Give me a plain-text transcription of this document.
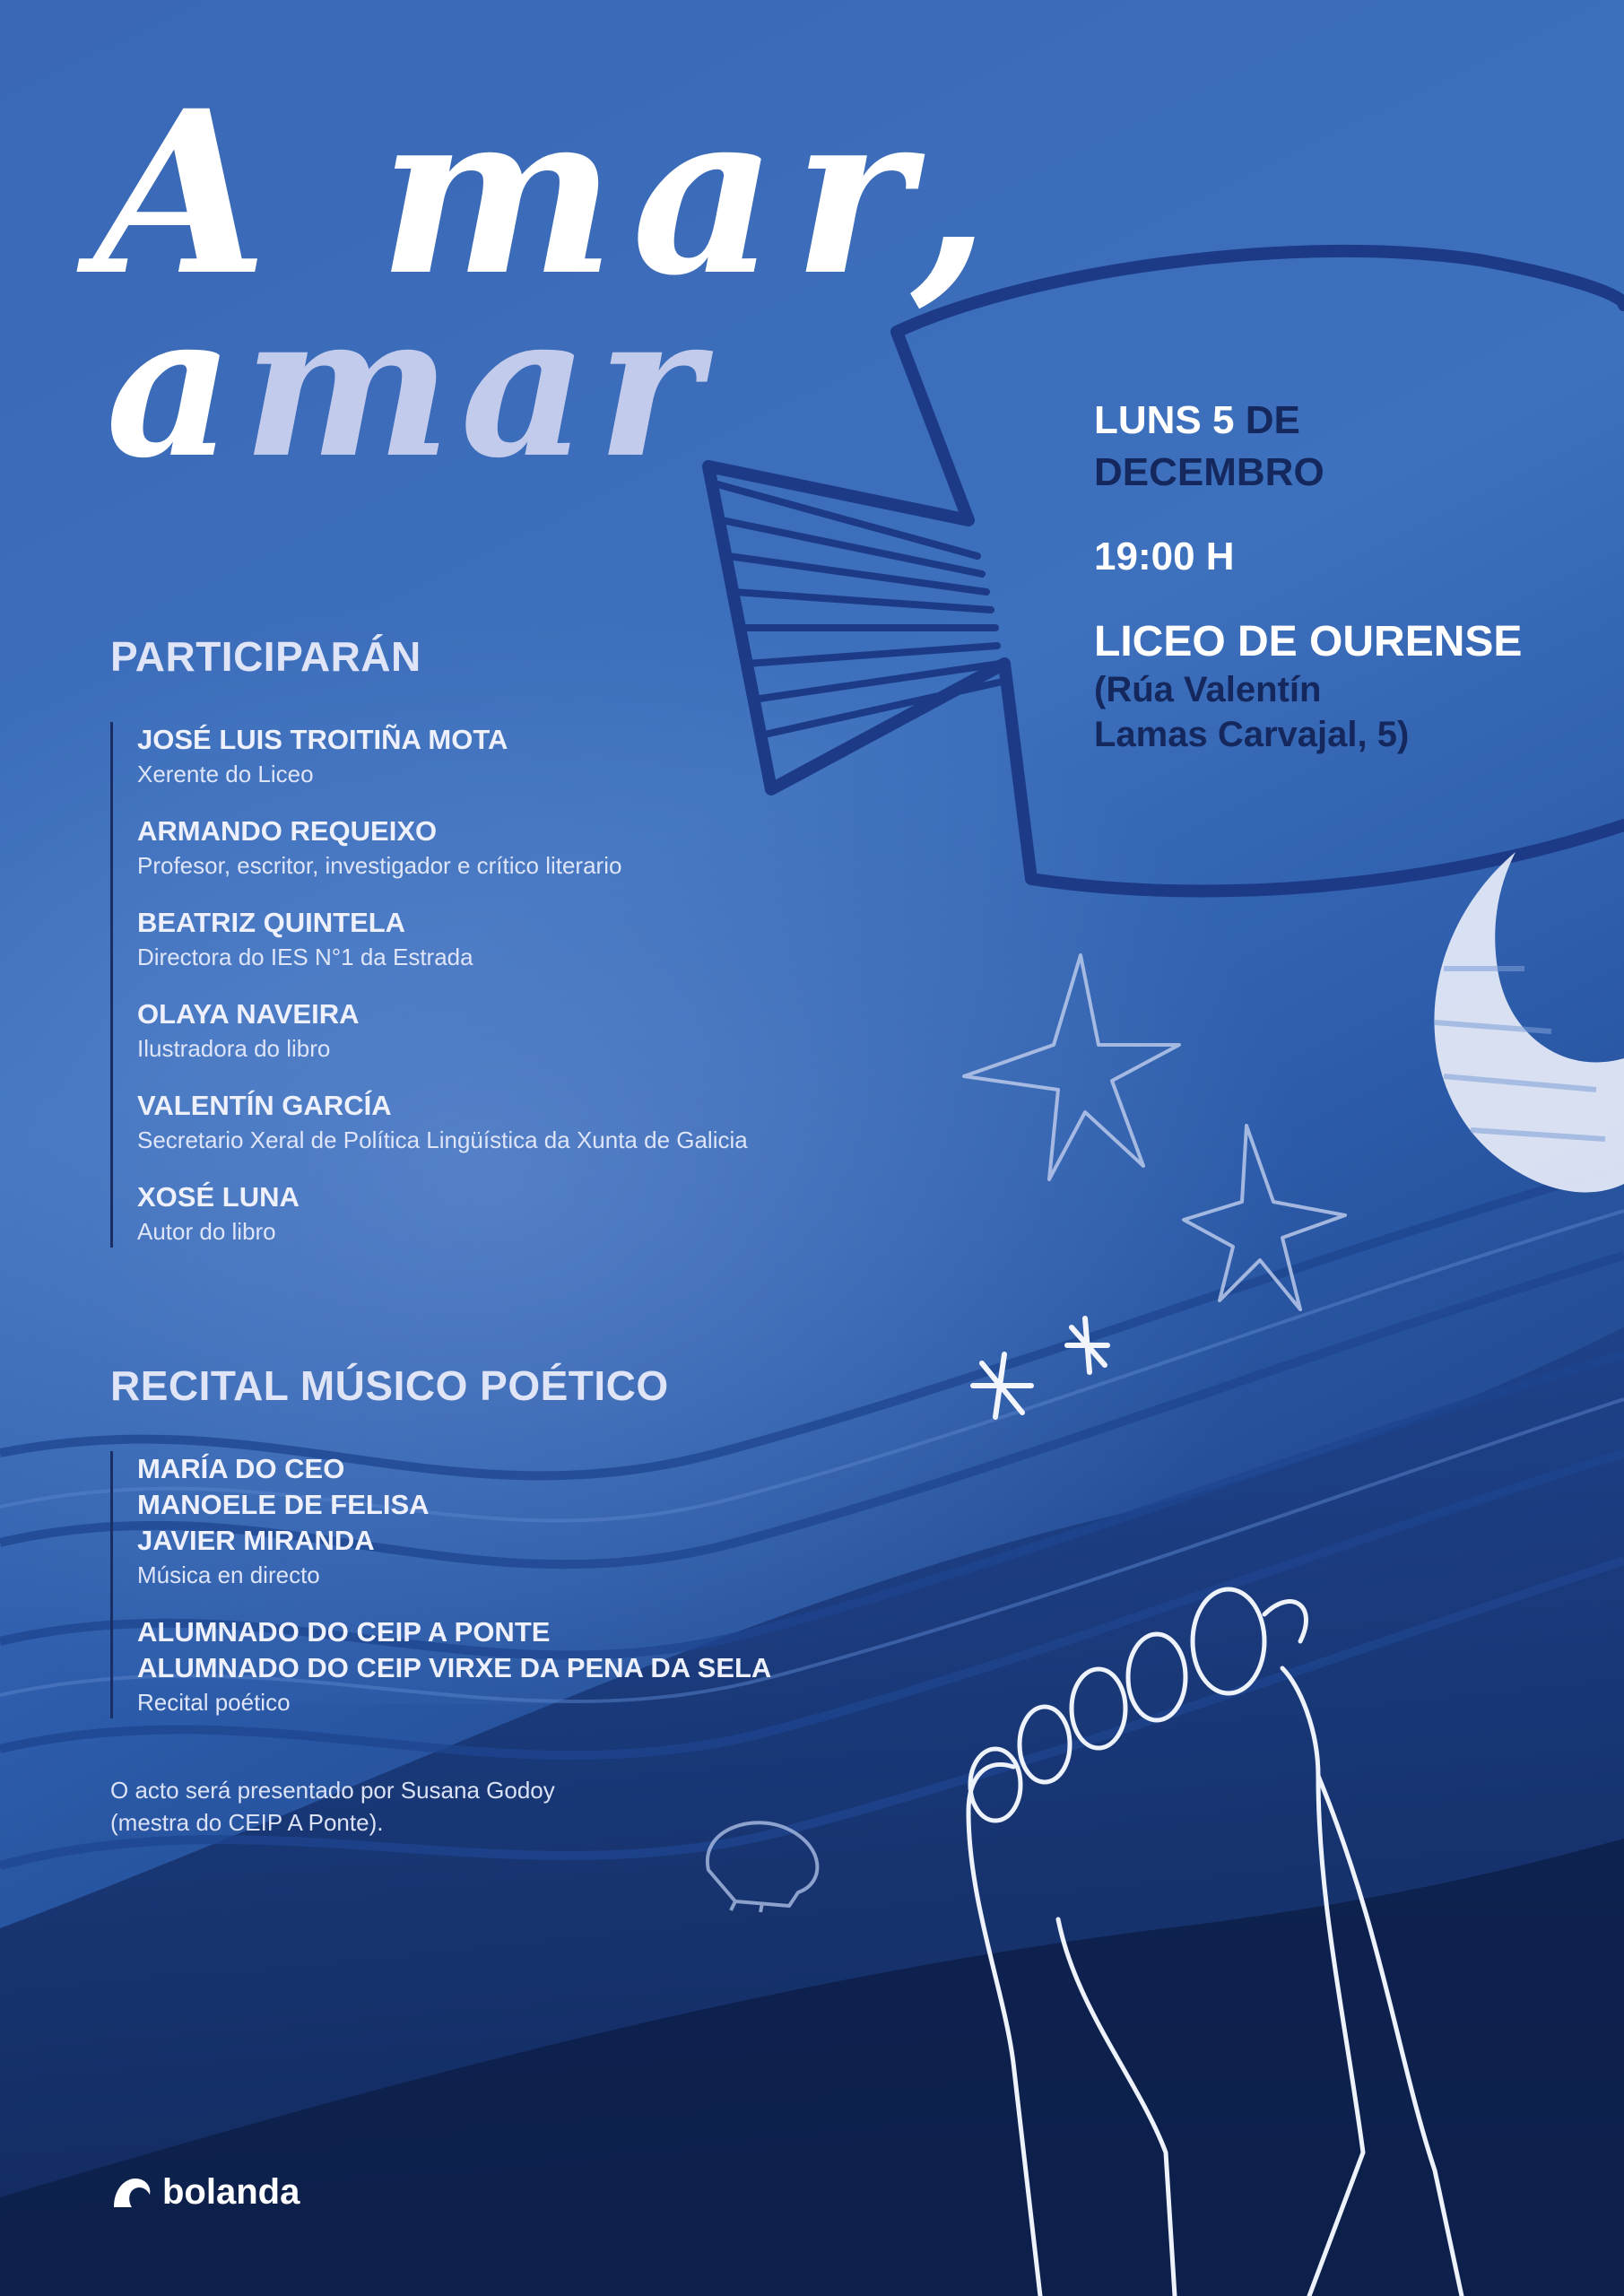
A mar,
amar	LUNS 5 DE
DECEMBRO
19:00 H
LICEO DE OURENSE
(Rúa Valentín
Lamas Carvajal, 5)
PARTICIPARÁN
JOSÉ LUIS TROITIÑA MOTA
Xerente do Liceo
ARMANDO REQUEIXO
Profesor, escritor, investigador e crítico literario
BEATRIZ QUINTELA
Directora do IES N°1 da Estrada
OLAYA NAVEIRA
Ilustradora do libro
VALENTÍN GARCÍA
Secretario Xeral de Política Lingüística da Xunta de Galicia
XOSÉ LUNA
Autor do libro
RECITAL MÚSICO POÉTICO
MARÍA DO CEO
MANOELE DE FELISA
JAVIER MIRANDA
Música en directo
ALUMNADO DO CEIP A PONTE
ALUMNADO DO CEIP VIRXE DA PENA DA SELA
Recital poético
O acto será presentado por Susana Godoy
(mestra do CEIP A Ponte).
bolanda
